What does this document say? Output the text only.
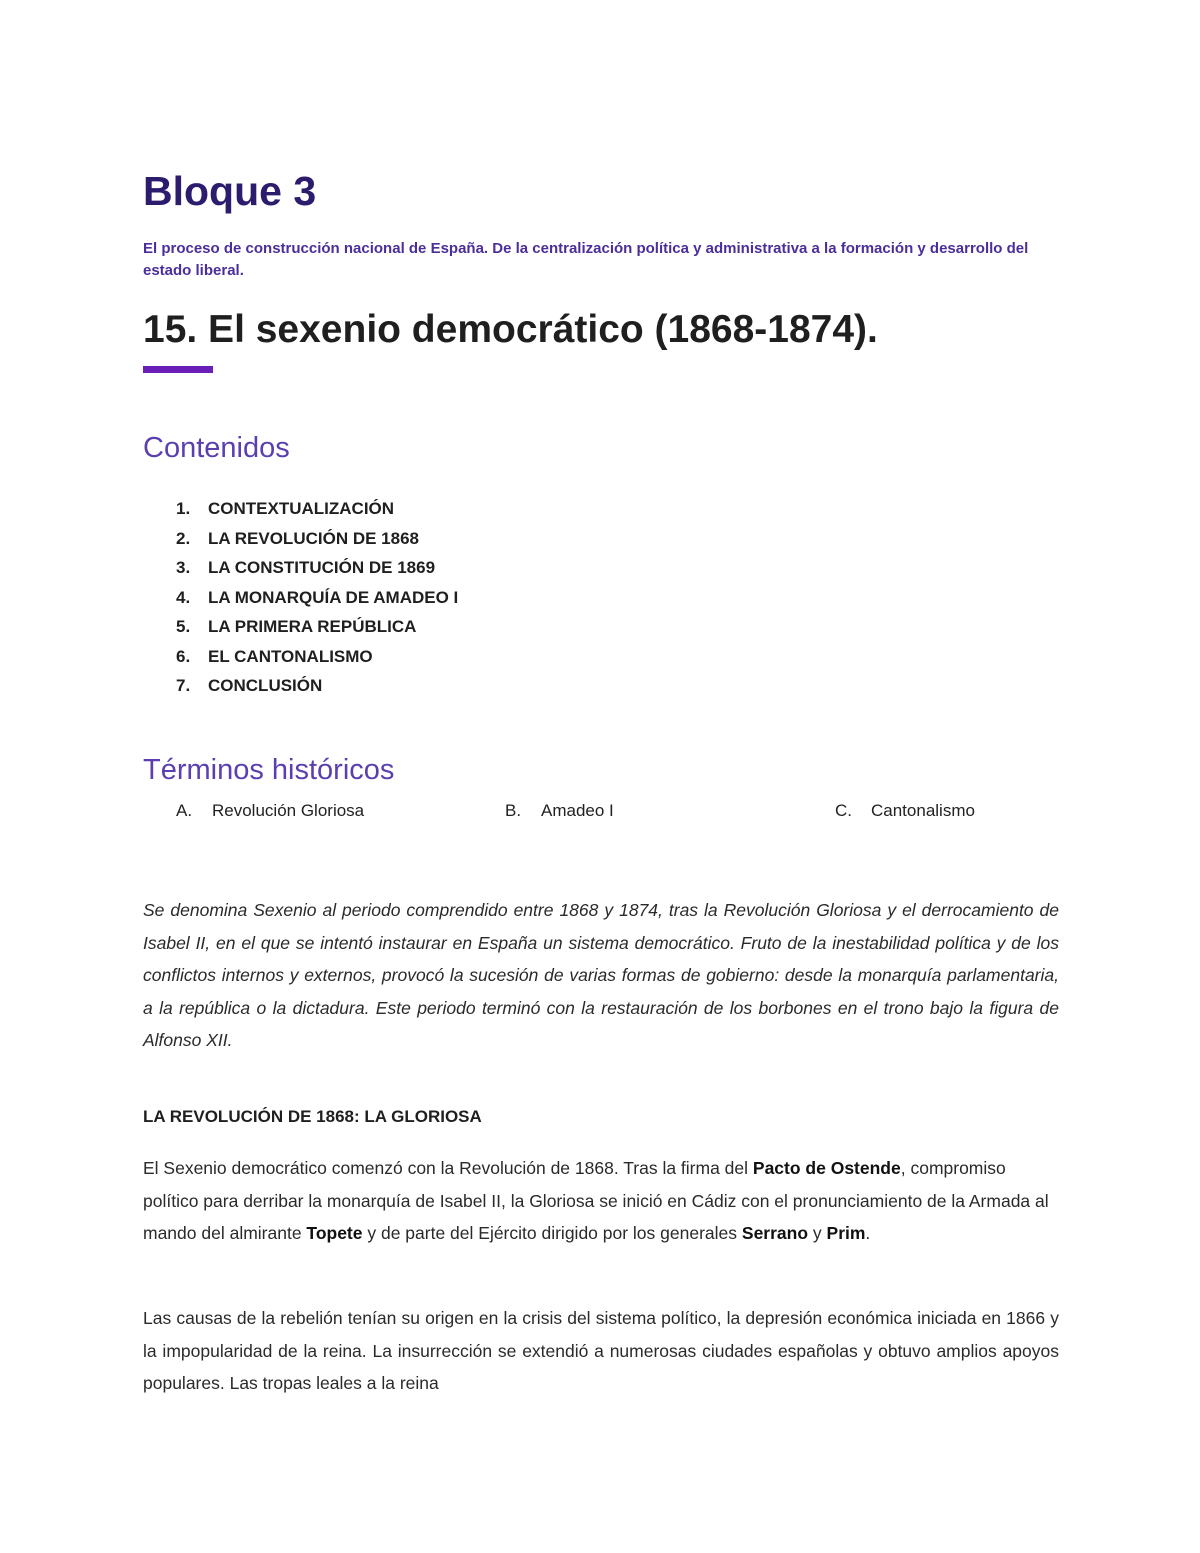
Bloque 3

El proceso de construcción nacional de España. De la centralización política y administrativa a la formación y desarrollo del estado liberal.

15. El sexenio democrático (1868-1874).
Contenidos
1. CONTEXTUALIZACIÓN
2. LA REVOLUCIÓN DE 1868
3. LA CONSTITUCIÓN DE 1869
4. LA MONARQUÍA DE AMADEO I
5. LA PRIMERA REPÚBLICA
6. EL CANTONALISMO
7. CONCLUSIÓN
Términos históricos
A. Revolución Gloriosa	B. Amadeo I	C. Cantonalismo

Se denomina Sexenio al periodo comprendido entre 1868 y 1874, tras la Revolución Gloriosa y el derrocamiento de Isabel II, en el que se intentó instaurar en España un sistema democrático. Fruto de la inestabilidad política y de los conflictos internos y externos, provocó la sucesión de varias formas de gobierno: desde la monarquía parlamentaria, a la república o la dictadura. Este periodo terminó con la restauración de los borbones en el trono bajo la figura de Alfonso XII.

LA REVOLUCIÓN DE 1868: LA GLORIOSA

El Sexenio democrático comenzó con la Revolución de 1868. Tras la firma del Pacto de Ostende, compromiso político para derribar la monarquía de Isabel II, la Gloriosa se inició en Cádiz con el pronunciamiento de la Armada al mando del almirante Topete y de parte del Ejército dirigido por los generales Serrano y Prim.

Las causas de la rebelión tenían su origen en la crisis del sistema político, la depresión económica iniciada en 1866 y la impopularidad de la reina. La insurrección se extendió a numerosas ciudades españolas y obtuvo amplios apoyos populares. Las tropas leales a la reina
